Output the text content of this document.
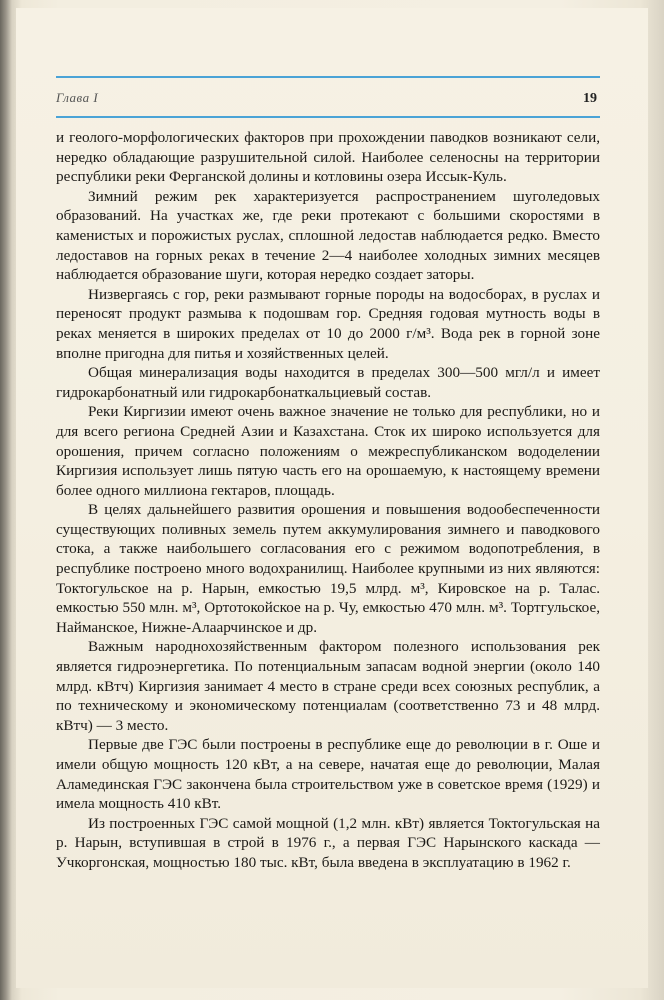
Глава I	19

и геолого-морфологических факторов при прохождении паводков возникают сели, нередко обладающие разрушительной силой. Наиболее селеносны на территории республики реки Ферганской долины и котловины озера Иссык-Куль.

Зимний режим рек характеризуется распространением шуголедовых образований. На участках же, где реки протекают с большими скоростями в каменистых и порожистых руслах, сплошной ледостав наблюдается редко. Вместо ледоставов на горных реках в течение 2—4 наиболее холодных зимних месяцев наблюдается образование шуги, которая нередко создает заторы.

Низвергаясь с гор, реки размывают горные породы на водосборах, в руслах и переносят продукт размыва к подошвам гор. Средняя годовая мутность воды в реках меняется в широких пределах от 10 до 2000 г/м³. Вода рек в горной зоне вполне пригодна для питья и хозяйственных целей.

Общая минерализация воды находится в пределах 300—500 мгл/л и имеет гидрокарбонатный или гидрокарбонаткальциевый состав.

Реки Киргизии имеют очень важное значение не только для республики, но и для всего региона Средней Азии и Казахстана. Сток их широко используется для орошения, причем согласно положениям о межреспубликанском вододелении Киргизия использует лишь пятую часть его на орошаемую, к настоящему времени более одного миллиона гектаров, площадь.

В целях дальнейшего развития орошения и повышения водообеспеченности существующих поливных земель путем аккумулирования зимнего и паводкового стока, а также наибольшего согласования его с режимом водопотребления, в республике построено много водохранилищ. Наиболее крупными из них являются: Токтогульское на р. Нарын, емкостью 19,5 млрд. м³, Кировское на р. Талас. емкостью 550 млн. м³, Ортотокойское на р. Чу, емкостью 470 млн. м³. Тортгульское, Найманское, Нижне-Алаарчинское и др.

Важным народнохозяйственным фактором полезного использования рек является гидроэнергетика. По потенциальным запасам водной энергии (около 140 млрд. кВтч) Киргизия занимает 4 место в стране среди всех союзных республик, а по техническому и экономическому потенциалам (соответственно 73 и 48 млрд. кВтч) — 3 место.

Первые две ГЭС были построены в республике еще до революции в г. Оше и имели общую мощность 120 кВт, а на севере, начатая еще до революции, Малая Аламединская ГЭС закончена была строительством уже в советское время (1929) и имела мощность 410 кВт.

Из построенных ГЭС самой мощной (1,2 млн. кВт) является Токтогульская на р. Нарын, вступившая в строй в 1976 г., а первая ГЭС Нарынского каскада — Учкоргонская, мощностью 180 тыс. кВт, была введена в эксплуатацию в 1962 г.
